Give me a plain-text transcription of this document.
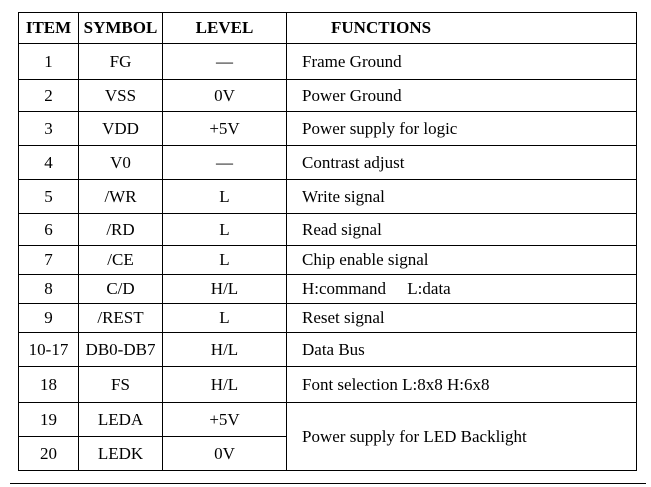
ITEM	SYMBOL	LEVEL	FUNCTIONS
1	FG	—	Frame Ground
2	VSS	0V	Power Ground
3	VDD	+5V	Power supply for logic
4	V0	—	Contrast adjust
5	/WR	L	Write signal
6	/RD	L	Read signal
7	/CE	L	Chip enable signal
8	C/D	H/L	H:command     L:data
9	/REST	L	Reset signal
10-17	DB0-DB7	H/L	Data Bus
18	FS	H/L	Font selection L:8x8 H:6x8
19	LEDA	+5V	Power supply for LED Backlight
20	LEDK	0V	
